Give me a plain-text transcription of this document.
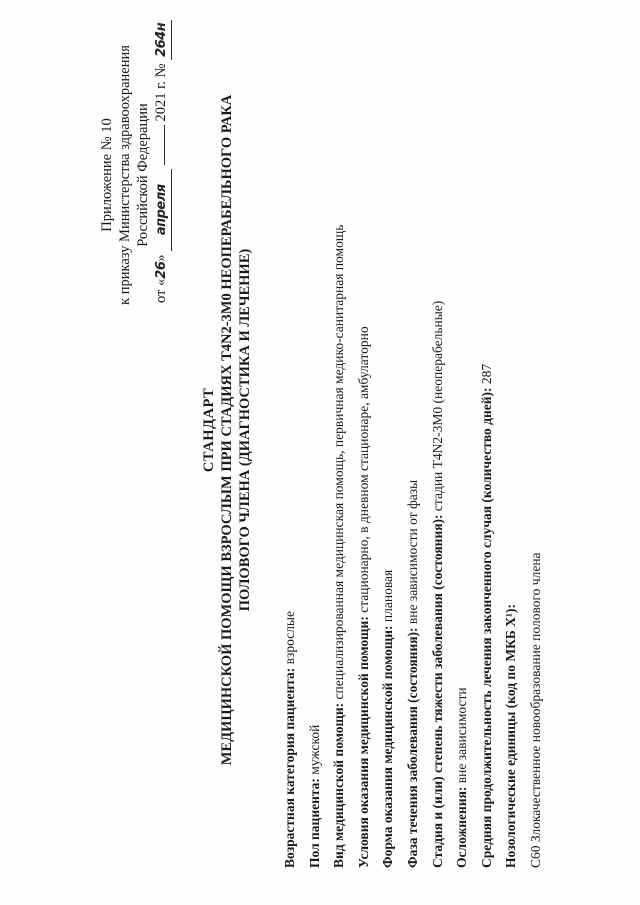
Приложение № 10 к приказу Министерства здравоохранения Российской Федерации
от «26» апреля  2021 г. № 264н
СТАНДАРТ МЕДИЦИНСКОЙ ПОМОЩИ ВЗРОСЛЫМ ПРИ СТАДИЯХ T4N2-3M0 НЕОПЕРАБЕЛЬНОГО РАКА ПОЛОВОГО ЧЛЕНА (ДИАГНОСТИКА И ЛЕЧЕНИЕ)
Возрастная категория пациента: взрослые
Пол пациента: мужской Вид медицинской помощи: специализированная медицинская помощь, первичная медико-санитарная помощь
Условия оказания медицинской помощи: стационарно, в дневном стационаре, амбулаторно
Форма оказания медицинской помощи: плановая
Фаза течения заболевания (состояния): вне зависимости от фазы Стадия и (или) степень тяжести заболевания (состояния): стадии T4N2-3M0 (неоперабельные)
Осложнения: вне зависимости Средняя продолжительность лечения законченного случая (количество дней): 287
Нозологические единицы (код по МКБ X¹): C60 Злокачественное новообразование полового члена
